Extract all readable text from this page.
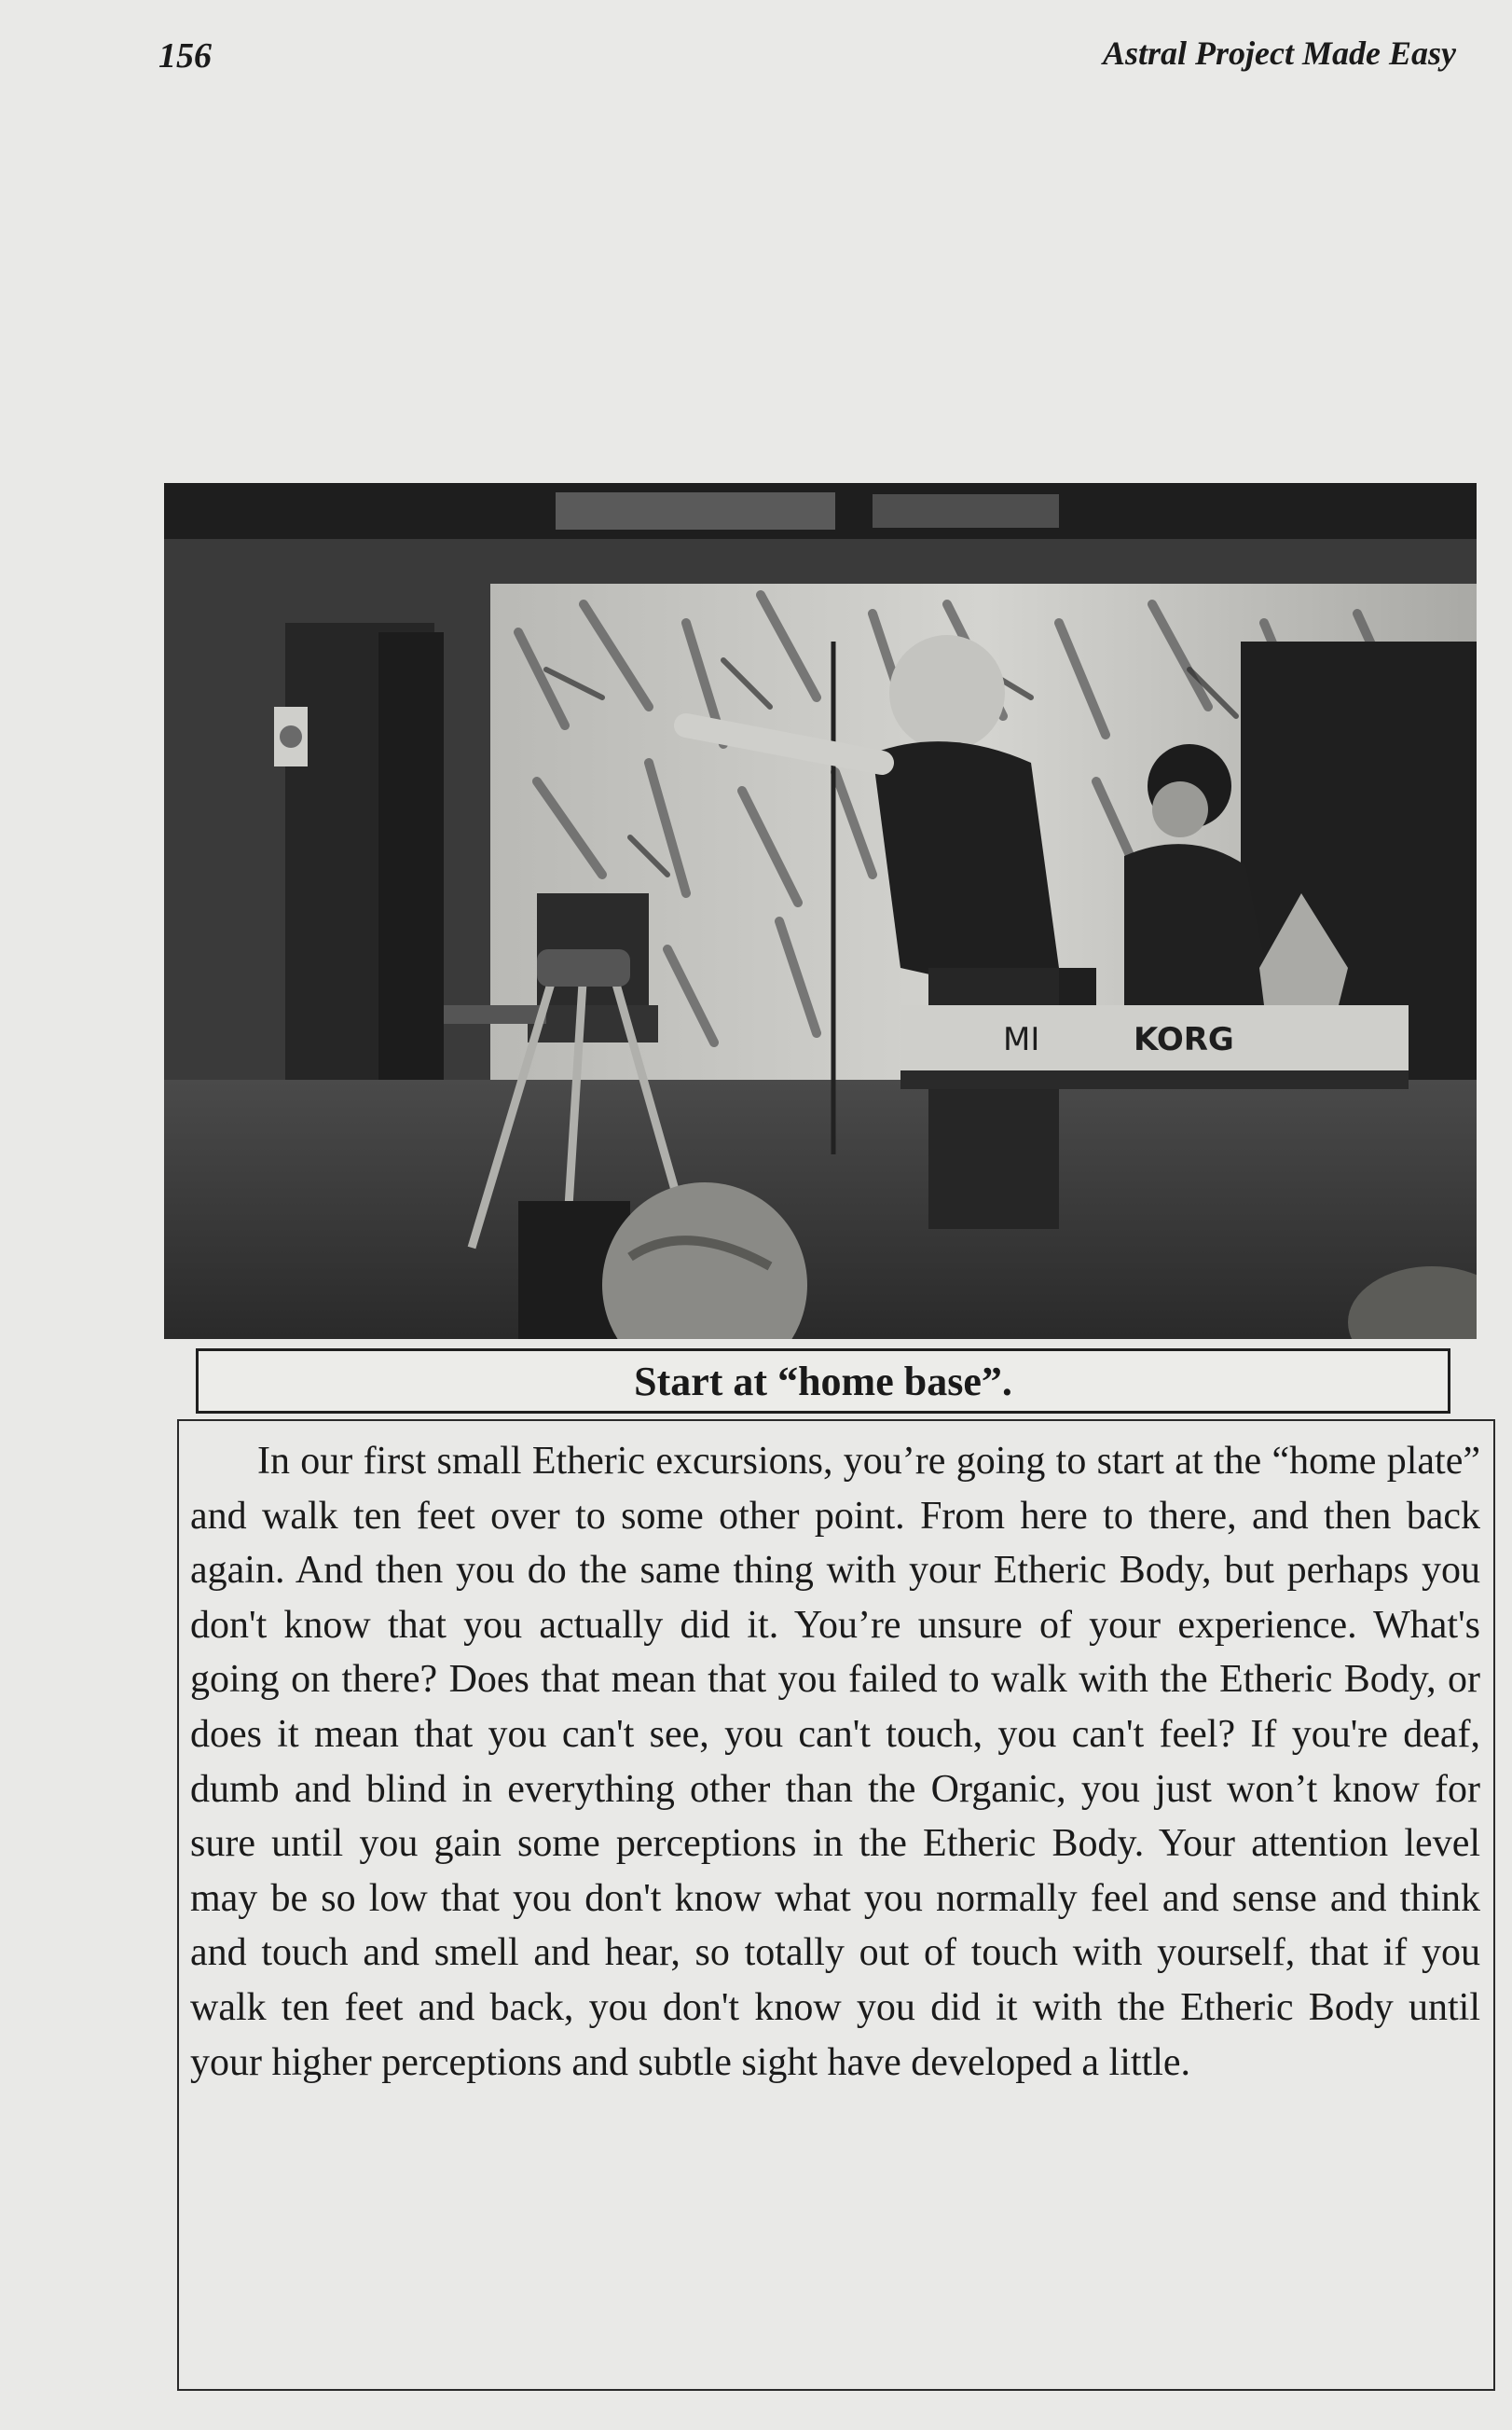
156	Astral Project Made Easy
MI	KORG
Start at “home base”.

In our first small Etheric excursions, you’re going to start at the “home plate” and walk ten feet over to some other point. From here to there, and then back again. And then you do the same thing with your Etheric Body, but perhaps you don't know that you actually did it. You’re unsure of your experience. What's going on there? Does that mean that you failed to walk with the Etheric Body, or does it mean that you can't see, you can't touch, you can't feel? If you're deaf, dumb and blind in everything other than the Organic, you just won’t know for sure until you gain some perceptions in the Etheric Body. Your attention level may be so low that you don't know what you normally feel and sense and think and touch and smell and hear, so totally out of touch with yourself, that if you walk ten feet and back, you don't know you did it with the Etheric Body until your higher perceptions and subtle sight have developed a little.
